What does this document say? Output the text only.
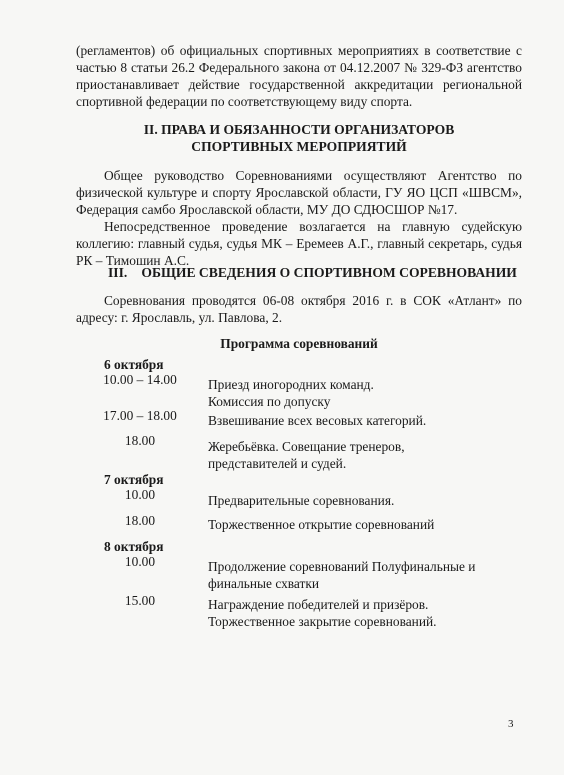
(регламентов) об официальных спортивных мероприятиях в соответствие с
частью 8 статьи 26.2 Федерального закона от 04.12.2007 № 329-ФЗ агентство
приостанавливает действие государственной аккредитации региональной
спортивной федерации по соответствующему виду спорта.
II. ПРАВА И ОБЯЗАННОСТИ ОРГАНИЗАТОРОВ
СПОРТИВНЫХ МЕРОПРИЯТИЙ
Общее руководство Соревнованиями осуществляют Агентство по
физической культуре и спорту Ярославской области, ГУ ЯО ЦСП «ШВСМ»,
Федерация самбо Ярославской области, МУ ДО СДЮСШОР №17.
Непосредственное проведение возлагается на главную судейскую
коллегию: главный судья, судья МК – Еремеев А.Г., главный секретарь, судья
РК – Тимошин А.С.
III. ОБЩИЕ СВЕДЕНИЯ О СПОРТИВНОМ СОРЕВНОВАНИИ
Соревнования проводятся 06-08 октября 2016 г. в СОК «Атлант» по
адресу: г. Ярославль, ул. Павлова, 2.
Программа соревнований
6 октября
10.00 – 14.00	Приезд иногородних команд.
Комиссия по допуску
17.00 – 18.00	Взвешивание всех весовых категорий.
18.00	Жеребьёвка. Совещание тренеров,
представителей и судей.
7 октября
10.00	Предварительные соревнования.
18.00	Торжественное открытие соревнований
8 октября
10.00	Продолжение соревнований Полуфинальные и
финальные схватки
15.00	Награждение победителей и призёров.
Торжественное закрытие соревнований.
3
